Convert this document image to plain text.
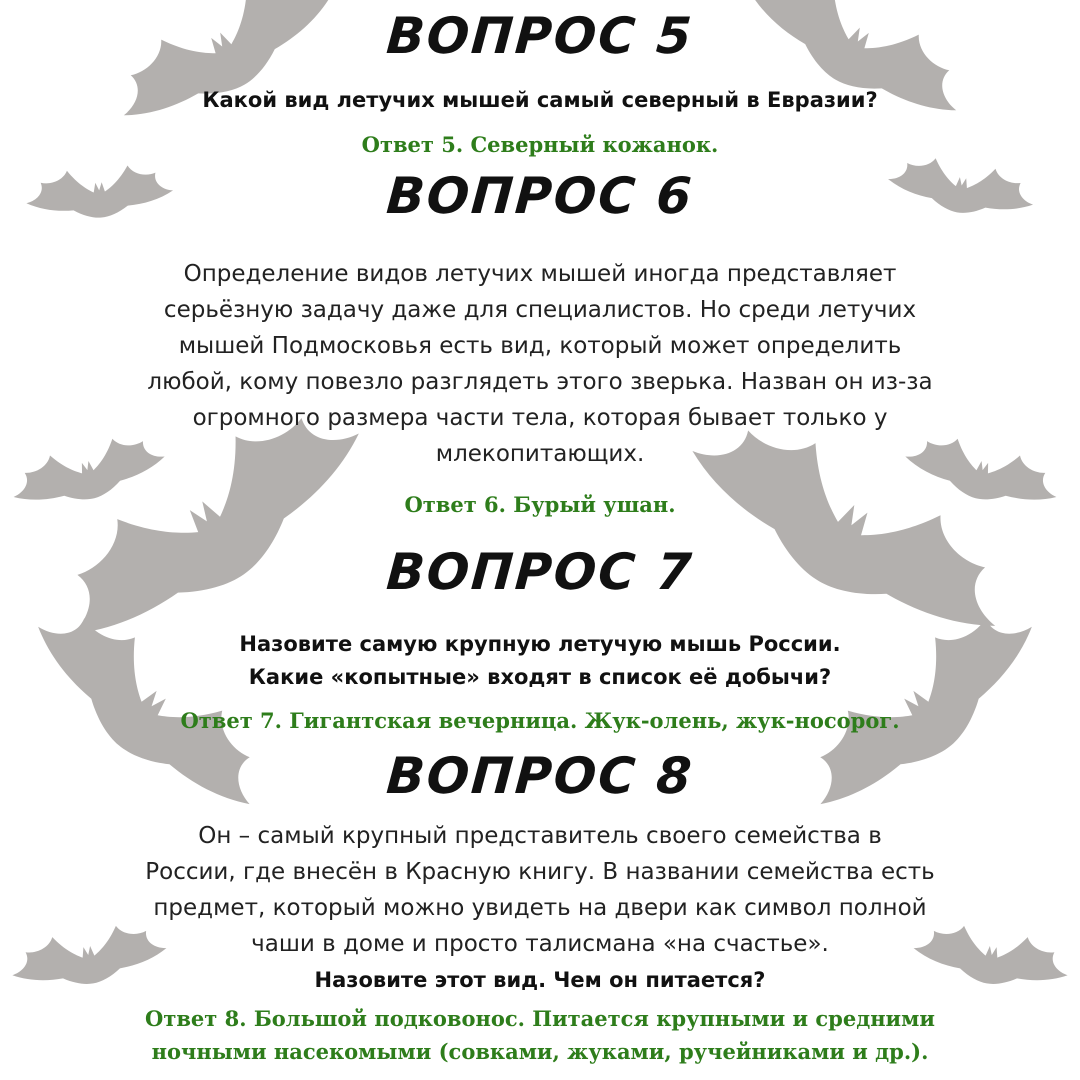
ВОПРОС 5
Какой вид летучих мышей самый северный в Евразии?
Ответ 5. Северный кожанок.
ВОПРОС 6
Определение видов летучих мышей иногда представляет
серьёзную задачу даже для специалистов. Но среди летучих
мышей Подмосковья есть вид, который может определить
любой, кому повезло разглядеть этого зверька. Назван он из-за
огромного размера части тела, которая бывает только у
млекопитающих.
Ответ 6. Бурый ушан.
ВОПРОС 7
Назовите самую крупную летучую мышь России.
Какие «копытные» входят в список её добычи?
Ответ 7. Гигантская вечерница. Жук-олень, жук-носорог.
ВОПРОС 8
Он – самый крупный представитель своего семейства в
России, где внесён в Красную книгу. В названии семейства есть
предмет, который можно увидеть на двери как символ полной
чаши в доме и просто талисмана «на счастье».
Назовите этот вид. Чем он питается?
Ответ 8. Большой подковонос. Питается крупными и средними
ночными насекомыми (совками, жуками, ручейниками и др.).
